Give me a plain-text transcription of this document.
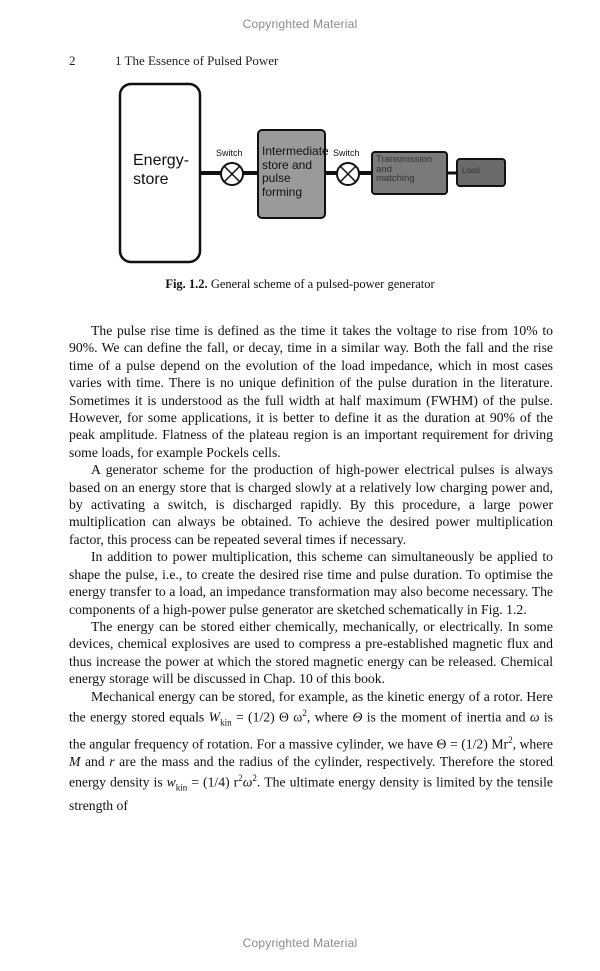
Copyrighted Material
2	1 The Essence of Pulsed Power
Energy-
store
Switch	Switch
Intermediate
store and
pulse
forming
Transmission
and
matching
Load
Fig. 1.2. General scheme of a pulsed-power generator

The pulse rise time is defined as the time it takes the voltage to rise from 10% to 90%. We can define the fall, or decay, time in a similar way. Both the fall and the rise time of a pulse depend on the evolution of the load impedance, which in most cases varies with time. There is no unique definition of the pulse duration in the literature. Sometimes it is understood as the full width at half maximum (FWHM) of the pulse. However, for some applications, it is better to define it as the duration at 90% of the peak amplitude. Flatness of the plateau region is an important requirement for driving some loads, for example Pockels cells.

A generator scheme for the production of high-power electrical pulses is always based on an energy store that is charged slowly at a relatively low charging power and, by activating a switch, is discharged rapidly. By this procedure, a large power multiplication can always be obtained. To achieve the desired power multiplication factor, this process can be repeated several times if necessary.

In addition to power multiplication, this scheme can simultaneously be applied to shape the pulse, i.e., to create the desired rise time and pulse duration. To optimise the energy transfer to a load, an impedance transformation may also become necessary. The components of a high-power pulse generator are sketched schematically in Fig. 1.2.

The energy can be stored either chemically, mechanically, or electrically. In some devices, chemical explosives are used to compress a pre-established magnetic flux and thus increase the power at which the stored magnetic energy can be released. Chemical energy storage will be discussed in Chap. 10 of this book.

Mechanical energy can be stored, for example, as the kinetic energy of a rotor. Here the energy stored equals $W_{kin} = (1/2)$ Θ $\omega^2$, where Θ is the moment of inertia and ω is the angular frequency of rotation. For a massive cylinder, we have Θ = (1/2) Mr$^2$, where M and r are the mass and the radius of the cylinder, respectively. Therefore the stored energy density is $w_{kin} = (1/4)$ $r^2\omega^2$. The ultimate energy density is limited by the tensile strength of

Copyrighted Material
